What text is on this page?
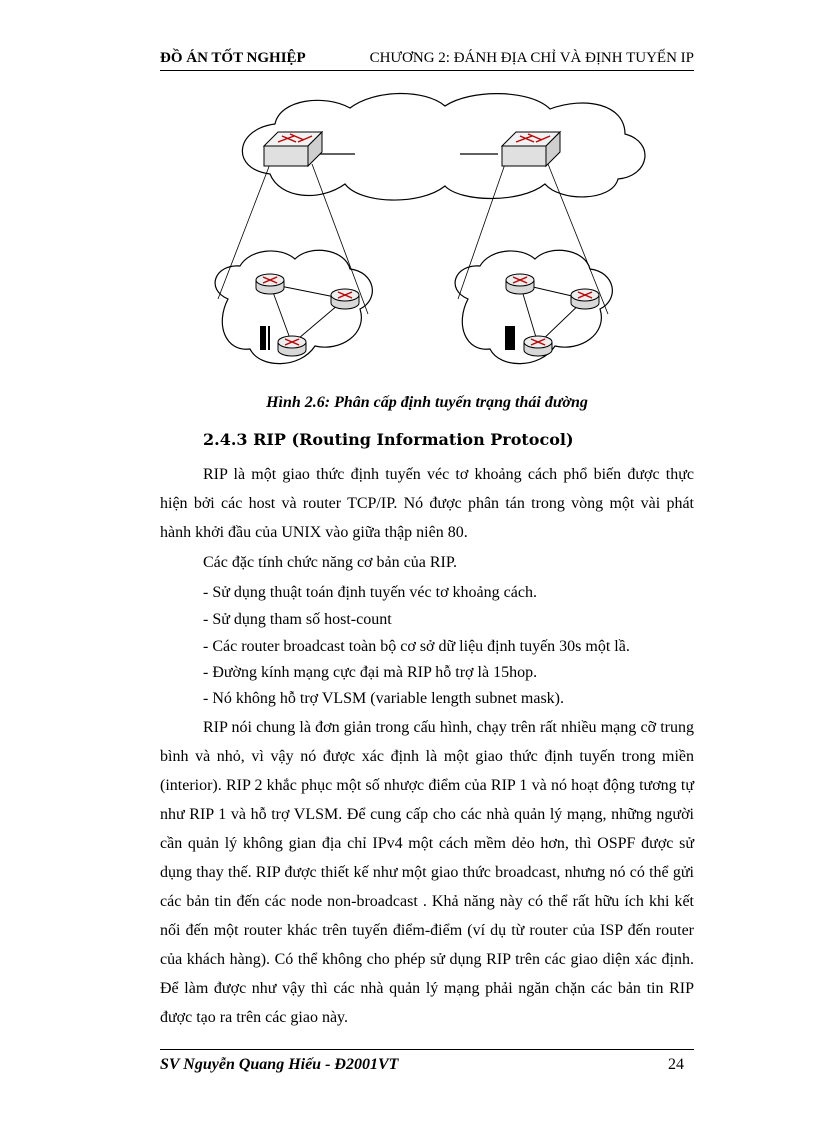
ĐỒ ÁN TỐT NGHIỆP	CHƯƠNG 2: ĐÁNH ĐỊA CHỈ VÀ ĐỊNH TUYẾN IP
Hình 2.6: Phân cấp định tuyến trạng thái đường
2.4.3 RIP (Routing Information Protocol)

RIP là một giao thức định tuyến véc tơ khoảng cách phổ biến được thực hiện bởi các host và router TCP/IP. Nó được phân tán trong vòng một vài phát hành khởi đầu của UNIX vào giữa thập niên 80.

Các đặc tính chức năng cơ bản của RIP.

- Sử dụng thuật toán định tuyến véc tơ khoảng cách.

- Sử dụng tham số host-count

- Các router broadcast toàn bộ cơ sở dữ liệu định tuyến 30s một lầ.

- Đường kính mạng cực đại mà RIP hỗ trợ là 15hop.

- Nó không hỗ trợ VLSM (variable length subnet mask).

RIP nói chung là đơn giản trong cấu hình, chạy trên rất nhiều mạng cỡ trung bình và nhỏ, vì vậy nó được xác định là một giao thức định tuyến trong miền (interior). RIP 2 khắc phục một số nhược điểm của RIP 1 và nó hoạt động tương tự như RIP 1 và hỗ trợ VLSM. Để cung cấp cho các nhà quản lý mạng, những người cần quản lý không gian địa chỉ IPv4 một cách mềm dẻo hơn, thì OSPF được sử dụng thay thế. RIP được thiết kế như một giao thức broadcast, nhưng nó có thể gửi các bản tin đến các node non-broadcast . Khả năng này có thể rất hữu ích khi kết nối đến một router khác trên tuyến điểm-điểm (ví dụ từ router của ISP đến router của khách hàng). Có thể không cho phép sử dụng RIP trên các giao diện xác định. Để làm được như vậy thì các nhà quản lý mạng phải ngăn chặn các bản tin RIP được tạo ra trên các giao này.

SV Nguyễn Quang Hiếu - Đ2001VT	24
